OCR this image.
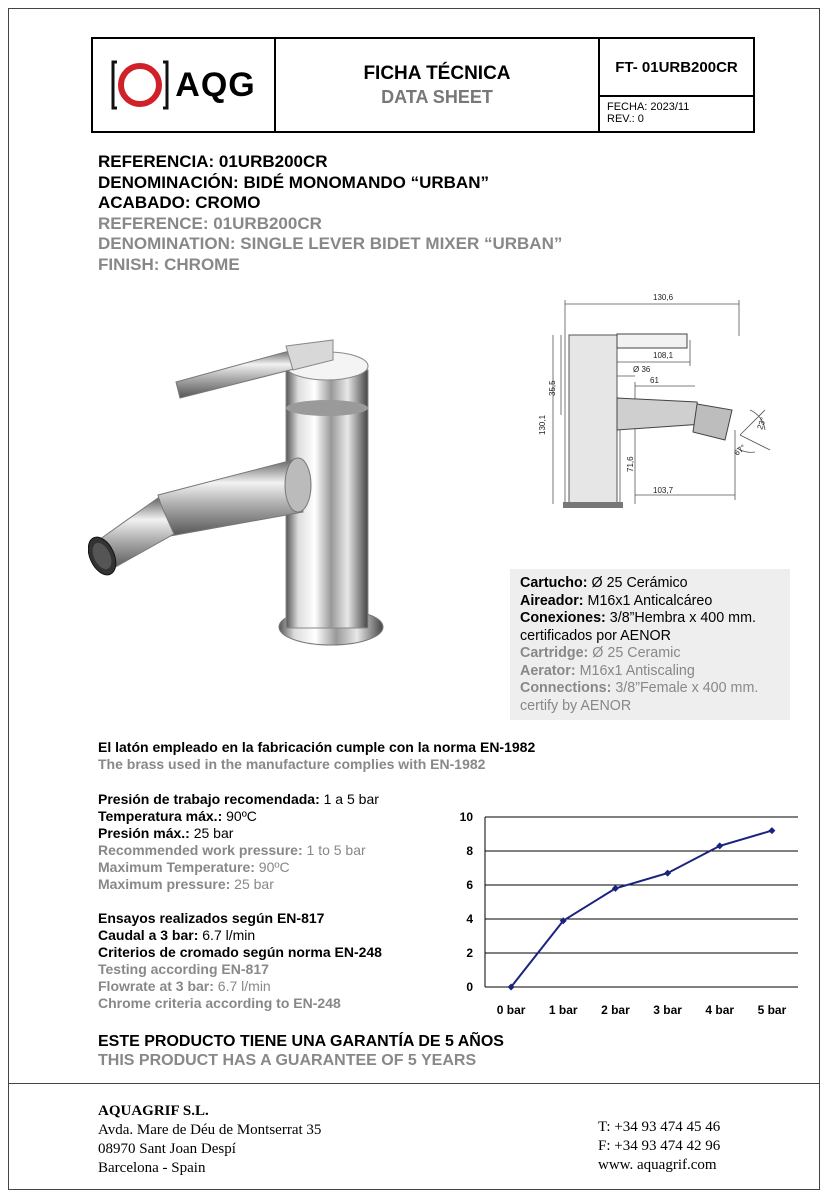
AQG	FICHA TÉCNICA
DATA SHEET
FT- 01URB200CR
FECHA: 2023/11
REV.: 0
REFERENCIA: 01URB200CR
DENOMINACIÓN: BIDÉ MONOMANDO “URBAN”
ACABADO: CROMO
REFERENCE: 01URB200CR
DENOMINATION: SINGLE LEVER BIDET MIXER “URBAN”
FINISH: CHROME
130,6
108,1
Ø 36
61
35,5
130,1
71,6
103,7
23°
67°
Cartucho: Ø 25 Cerámico
Aireador: M16x1 Anticalcáreo
Conexiones: 3/8”Hembra x 400 mm.
certificados por AENOR
Cartridge: Ø 25 Ceramic
Aerator: M16x1 Antiscaling
Connections: 3/8”Female x 400 mm.
certify by AENOR
El latón empleado en la fabricación cumple con la norma EN-1982
The brass used in the manufacture complies with EN-1982
Presión de trabajo recomendada: 1 a 5 bar
Temperatura máx.: 90ºC
Presión máx.: 25 bar
Recommended work pressure: 1 to 5 bar
Maximum Temperature: 90ºC
Maximum pressure: 25 bar
Ensayos realizados según EN-817
Caudal a 3 bar: 6.7 l/min
Criterios de cromado según norma EN-248
Testing according EN-817
Flowrate at 3 bar: 6.7 l/min
Chrome criteria according to EN-248
0
2
4
6
8
10
0 bar 1 bar 2 bar 3 bar 4 bar 5 bar
ESTE PRODUCTO TIENE UNA GARANTÍA DE 5 AÑOS
THIS PRODUCT HAS A GUARANTEE OF 5 YEARS
AQUAGRIF S.L.
Avda. Mare de Déu de Montserrat 35
08970 Sant Joan Despí
Barcelona - Spain
T: +34 93 474 45 46
F: +34 93 474 42 96
www. aquagrif.com
